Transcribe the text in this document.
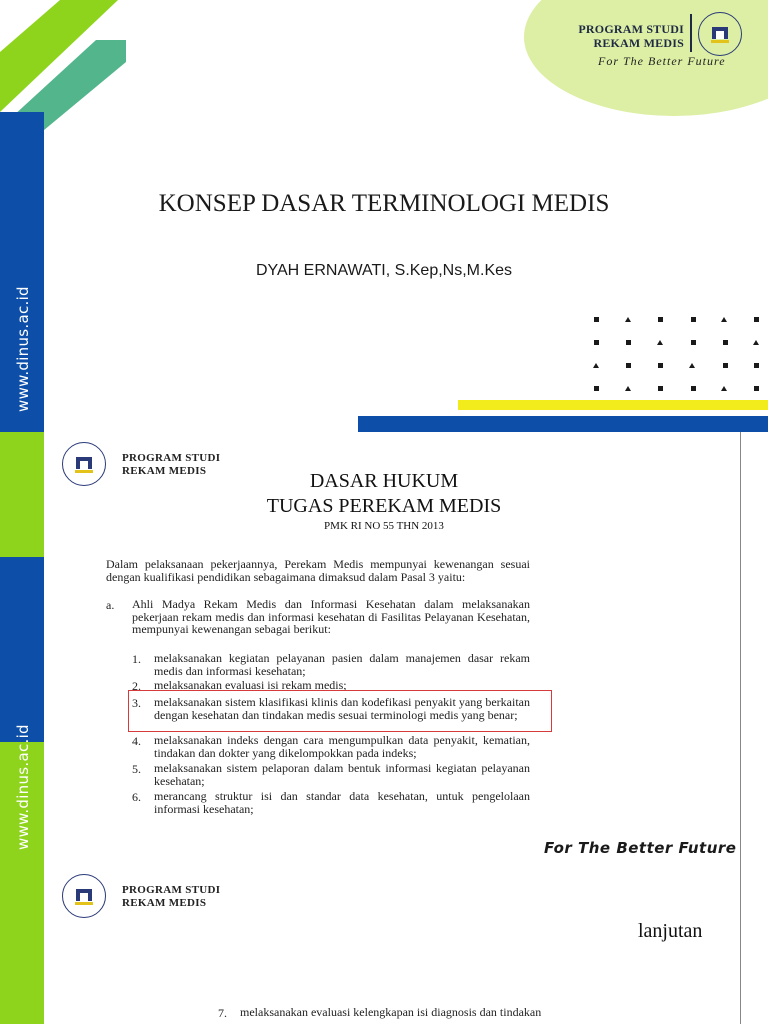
www.dinus.ac.id
PROGRAM STUDI
REKAM MEDIS
For The Better Future
KONSEP DASAR TERMINOLOGI MEDIS
DYAH ERNAWATI, S.Kep,Ns,M.Kes
www.dinus.ac.id
PROGRAM STUDI
REKAM MEDIS	DASAR HUKUM
TUGAS PEREKAM MEDIS
PMK RI NO 55 THN 2013
Dalam pelaksanaan pekerjaannya, Perekam Medis mempunyai kewenangan sesuai dengan kualifikasi pendidikan sebagaimana dimaksud dalam Pasal 3 yaitu:
a. Ahli Madya Rekam Medis dan Informasi Kesehatan dalam melaksanakan pekerjaan rekam medis dan informasi kesehatan di Fasilitas Pelayanan Kesehatan, mempunyai kewenangan sebagai berikut:
1. melaksanakan kegiatan pelayanan pasien dalam manajemen dasar rekam medis dan informasi kesehatan;
2. melaksanakan evaluasi isi rekam medis;
3. melaksanakan sistem klasifikasi klinis dan kodefikasi penyakit yang berkaitan dengan kesehatan dan tindakan medis sesuai terminologi medis yang benar;
4. melaksanakan indeks dengan cara mengumpulkan data penyakit, kematian, tindakan dan dokter yang dikelompokkan pada indeks;
5. melaksanakan sistem pelaporan dalam bentuk informasi kegiatan pelayanan kesehatan;
6. merancang struktur isi dan standar data kesehatan, untuk pengelolaan informasi kesehatan;
For The Better Future
PROGRAM STUDI
REKAM MEDIS
lanjutan
7. melaksanakan evaluasi kelengkapan isi diagnosis dan tindakan
